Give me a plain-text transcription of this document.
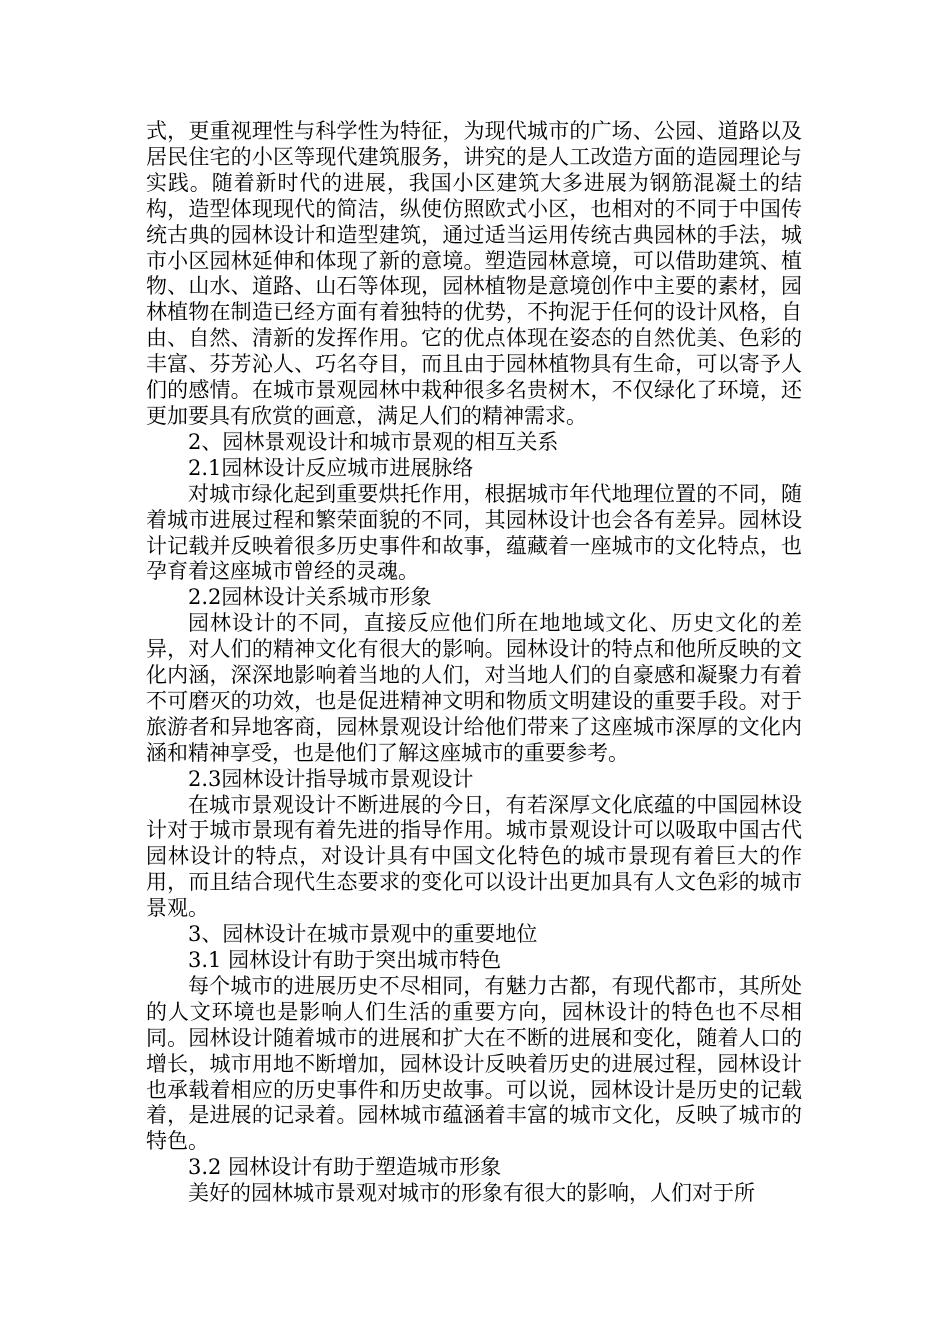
式，更重视理性与科学性为特征，为现代城市的广场、公园、道路以及居民住宅的小区等现代建筑服务，讲究的是人工改造方面的造园理论与实践。随着新时代的进展，我国小区建筑大多进展为钢筋混凝土的结构，造型体现现代的简洁，纵使仿照欧式小区，也相对的不同于中国传统古典的园林设计和造型建筑，通过适当运用传统古典园林的手法，城市小区园林延伸和体现了新的意境。塑造园林意境，可以借助建筑、植物、山水、道路、山石等体现，园林植物是意境创作中主要的素材，园林植物在制造已经方面有着独特的优势，不拘泥于任何的设计风格，自由、自然、清新的发挥作用。它的优点体现在姿态的自然优美、色彩的丰富、芬芳沁人、巧名夺目，而且由于园林植物具有生命，可以寄予人们的感情。在城市景观园林中栽种很多名贵树木，不仅绿化了环境，还更加要具有欣赏的画意，满足人们的精神需求。

2、园林景观设计和城市景观的相互关系

2.1园林设计反应城市进展脉络

对城市绿化起到重要烘托作用，根据城市年代地理位置的不同，随着城市进展过程和繁荣面貌的不同，其园林设计也会各有差异。园林设计记载并反映着很多历史事件和故事，蕴藏着一座城市的文化特点，也孕育着这座城市曾经的灵魂。

2.2园林设计关系城市形象

园林设计的不同，直接反应他们所在地地域文化、历史文化的差异，对人们的精神文化有很大的影响。园林设计的特点和他所反映的文化内涵，深深地影响着当地的人们，对当地人们的自豪感和凝聚力有着不可磨灭的功效，也是促进精神文明和物质文明建设的重要手段。对于旅游者和异地客商，园林景观设计给他们带来了这座城市深厚的文化内涵和精神享受，也是他们了解这座城市的重要参考。

2.3园林设计指导城市景观设计

在城市景观设计不断进展的今日，有若深厚文化底蕴的中国园林设计对于城市景现有着先进的指导作用。城市景观设计可以吸取中国古代园林设计的特点，对设计具有中国文化特色的城市景现有着巨大的作用，而且结合现代生态要求的变化可以设计出更加具有人文色彩的城市景观。

3、园林设计在城市景观中的重要地位

3.1 园林设计有助于突出城市特色

每个城市的进展历史不尽相同，有魅力古都，有现代都市，其所处的人文环境也是影响人们生活的重要方向，园林设计的特色也不尽相同。园林设计随着城市的进展和扩大在不断的进展和变化，随着人口的增长，城市用地不断增加，园林设计反映着历史的进展过程，园林设计也承载着相应的历史事件和历史故事。可以说，园林设计是历史的记载着，是进展的记录着。园林城市蕴涵着丰富的城市文化，反映了城市的特色。

3.2 园林设计有助于塑造城市形象

美好的园林城市景观对城市的形象有很大的影响，人们对于所
